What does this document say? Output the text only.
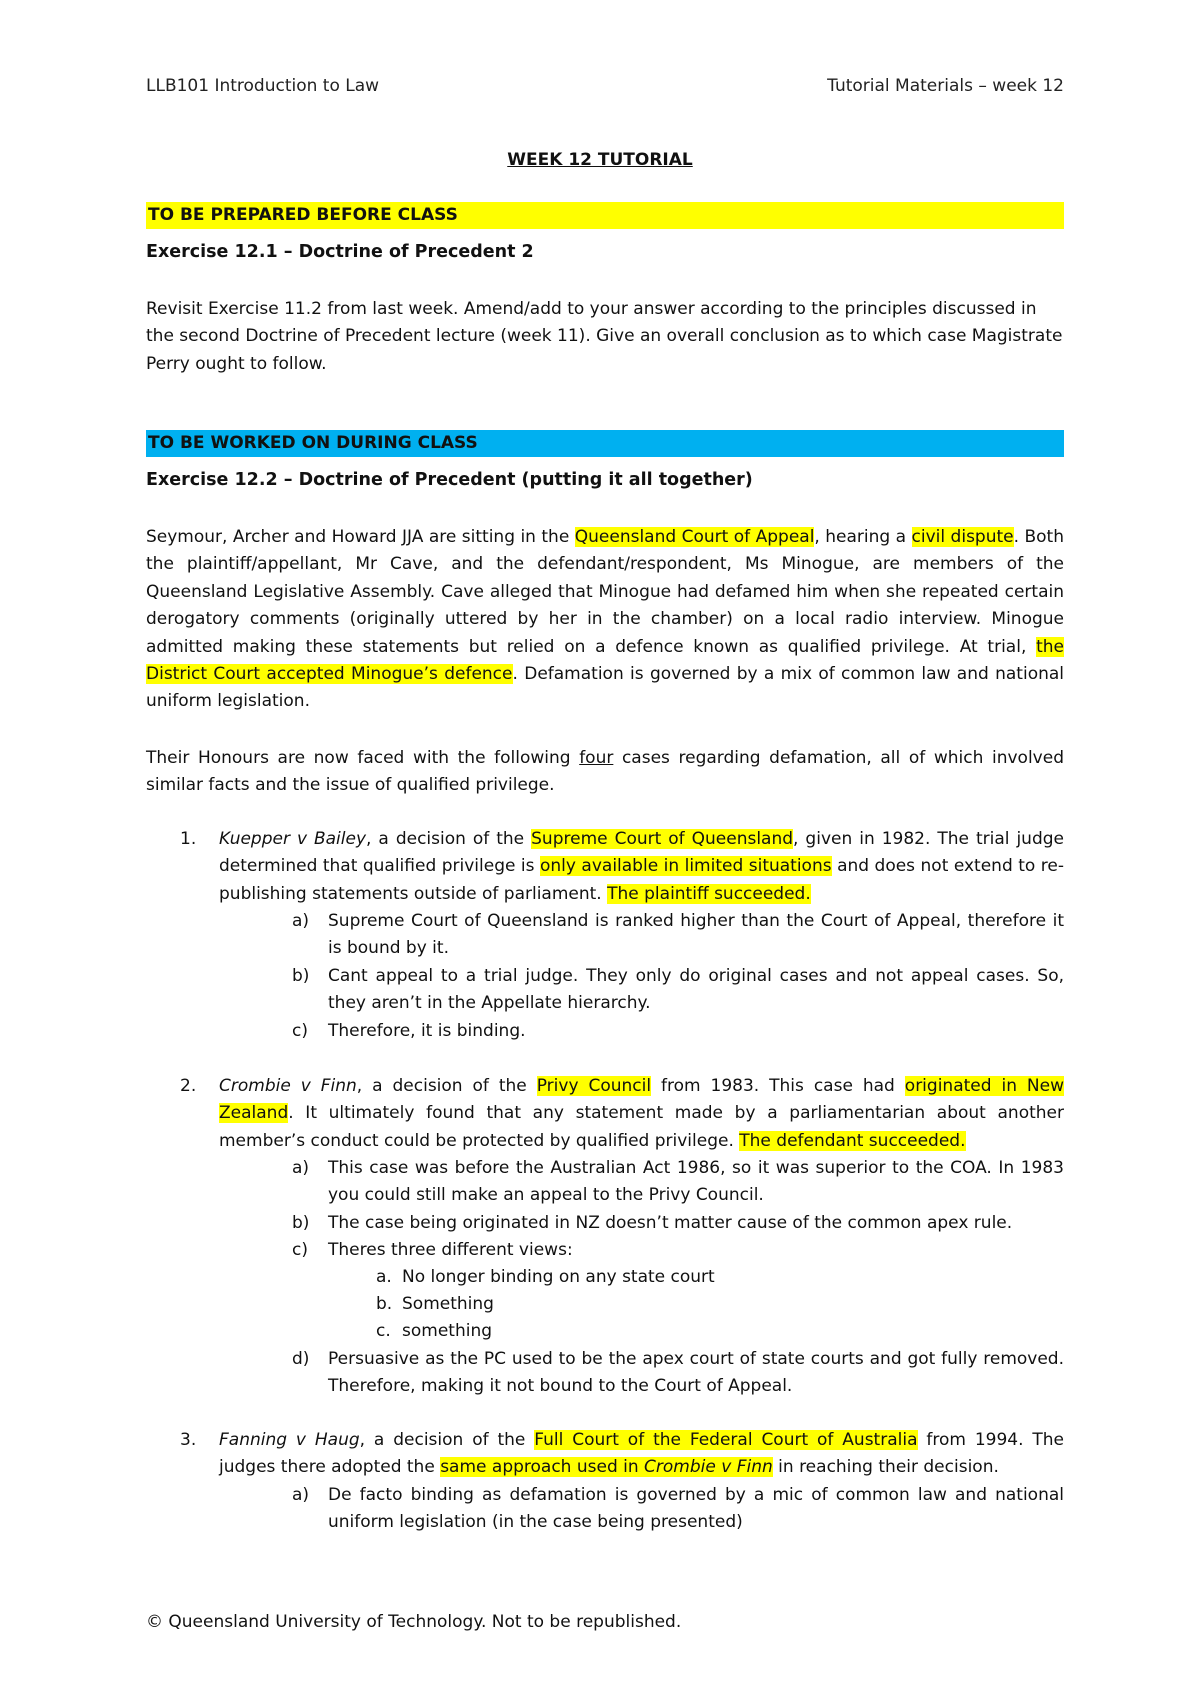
LLB101 Introduction to Law	Tutorial Materials – week 12
WEEK 12 TUTORIAL
TO BE PREPARED BEFORE CLASS
Exercise 12.1 – Doctrine of Precedent 2
Revisit Exercise 11.2 from last week. Amend/add to your answer according to the principles discussed in the second Doctrine of Precedent lecture (week 11). Give an overall conclusion as to which case Magistrate Perry ought to follow.
TO BE WORKED ON DURING CLASS
Exercise 12.2 – Doctrine of Precedent (putting it all together)
Seymour, Archer and Howard JJA are sitting in the Queensland Court of Appeal, hearing a civil dispute. Both the plaintiff/appellant, Mr Cave, and the defendant/respondent, Ms Minogue, are members of the Queensland Legislative Assembly. Cave alleged that Minogue had defamed him when she repeated certain derogatory comments (originally uttered by her in the chamber) on a local radio interview. Minogue admitted making these statements but relied on a defence known as qualified privilege. At trial, the District Court accepted Minogue’s defence. Defamation is governed by a mix of common law and national uniform legislation.
Their Honours are now faced with the following four cases regarding defamation, all of which involved similar facts and the issue of qualified privilege.
1. Kuepper v Bailey, a decision of the Supreme Court of Queensland, given in 1982. The trial judge determined that qualified privilege is only available in limited situations and does not extend to re-publishing statements outside of parliament. The plaintiff succeeded.
a) Supreme Court of Queensland is ranked higher than the Court of Appeal, therefore it is bound by it.
b) Cant appeal to a trial judge. They only do original cases and not appeal cases. So, they aren’t in the Appellate hierarchy.
c) Therefore, it is binding.
2. Crombie v Finn, a decision of the Privy Council from 1983. This case had originated in New Zealand. It ultimately found that any statement made by a parliamentarian about another member’s conduct could be protected by qualified privilege. The defendant succeeded.
a) This case was before the Australian Act 1986, so it was superior to the COA. In 1983 you could still make an appeal to the Privy Council.
b) The case being originated in NZ doesn’t matter cause of the common apex rule.
c) Theres three different views:
a. No longer binding on any state court
b. Something
c. something
d) Persuasive as the PC used to be the apex court of state courts and got fully removed. Therefore, making it not bound to the Court of Appeal.
3. Fanning v Haug, a decision of the Full Court of the Federal Court of Australia from 1994. The judges there adopted the same approach used in Crombie v Finn in reaching their decision.
a) De facto binding as defamation is governed by a mic of common law and national uniform legislation (in the case being presented)
© Queensland University of Technology. Not to be republished.
